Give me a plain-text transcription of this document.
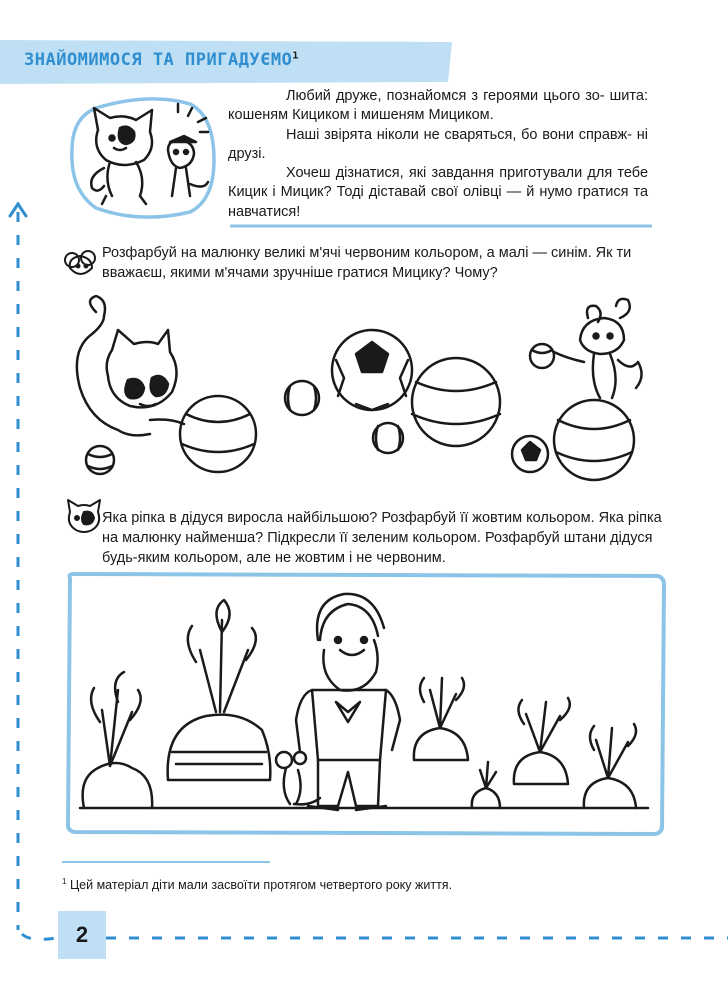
ЗНАЙОМИМОСЯ ТА ПРИГАДУЄМО$^1$

Любий друже, познайомся з героями цього зо- шита: кошеням Кициком і мишеням Мициком.

Наші звірята ніколи не сваряться, бо вони справж- ні друзі.

Хочеш дізнатися, які завдання приготували для тебе Кицик і Мицик? Тоді діставай свої олівці — й нумо гратися та навчатися!

Розфарбуй на малюнку великі м'ячі червоним кольором, а малі — синім. Як ти вважаєш, якими м'ячами зручніше гратися Мицику? Чому?
Яка ріпка в дідуся виросла найбільшою? Розфарбуй її жовтим кольором. Яка ріпка на малюнку найменша? Підкресли її зеленим кольором. Розфарбуй штани дідуся будь-яким кольором, але не жовтим і не червоним.
$^1$ Цей матеріал діти мали засвоїти протягом четвертого року життя.
2
